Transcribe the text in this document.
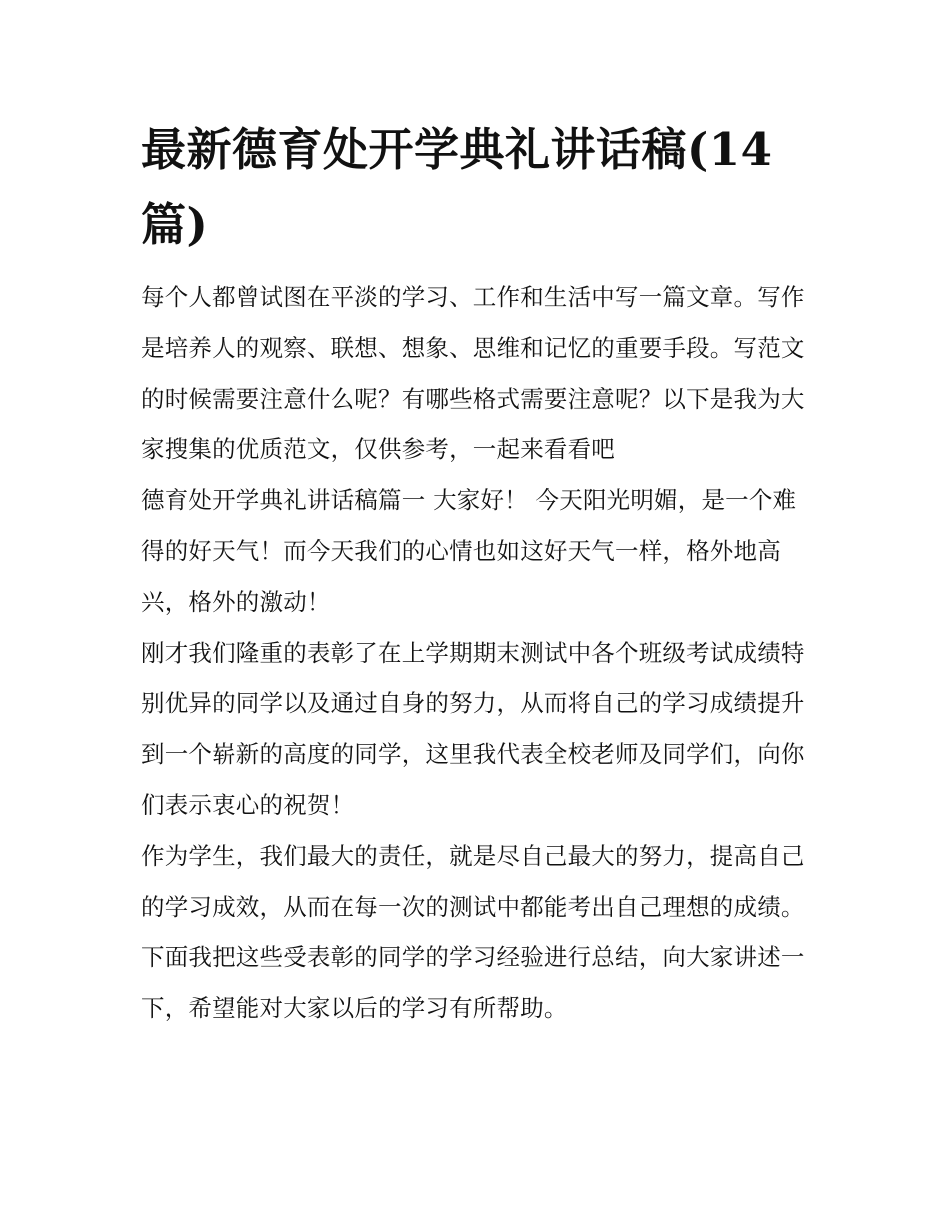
最新德育处开学典礼讲话稿(14篇)

每个人都曾试图在平淡的学习、工作和生活中写一篇文章。写作是培养人的观察、联想、想象、思维和记忆的重要手段。写范文的时候需要注意什么呢？有哪些格式需要注意呢？以下是我为大家搜集的优质范文，仅供参考，一起来看看吧

德育处开学典礼讲话稿篇一 大家好！ 今天阳光明媚，是一个难得的好天气！而今天我们的心情也如这好天气一样，格外地高兴，格外的激动！

刚才我们隆重的表彰了在上学期期末测试中各个班级考试成绩特别优异的同学以及通过自身的努力，从而将自己的学习成绩提升到一个崭新的高度的同学，这里我代表全校老师及同学们，向你们表示衷心的祝贺！

作为学生，我们最大的责任，就是尽自己最大的努力，提高自己的学习成效，从而在每一次的测试中都能考出自己理想的成绩。

下面我把这些受表彰的同学的学习经验进行总结，向大家讲述一下，希望能对大家以后的学习有所帮助。
